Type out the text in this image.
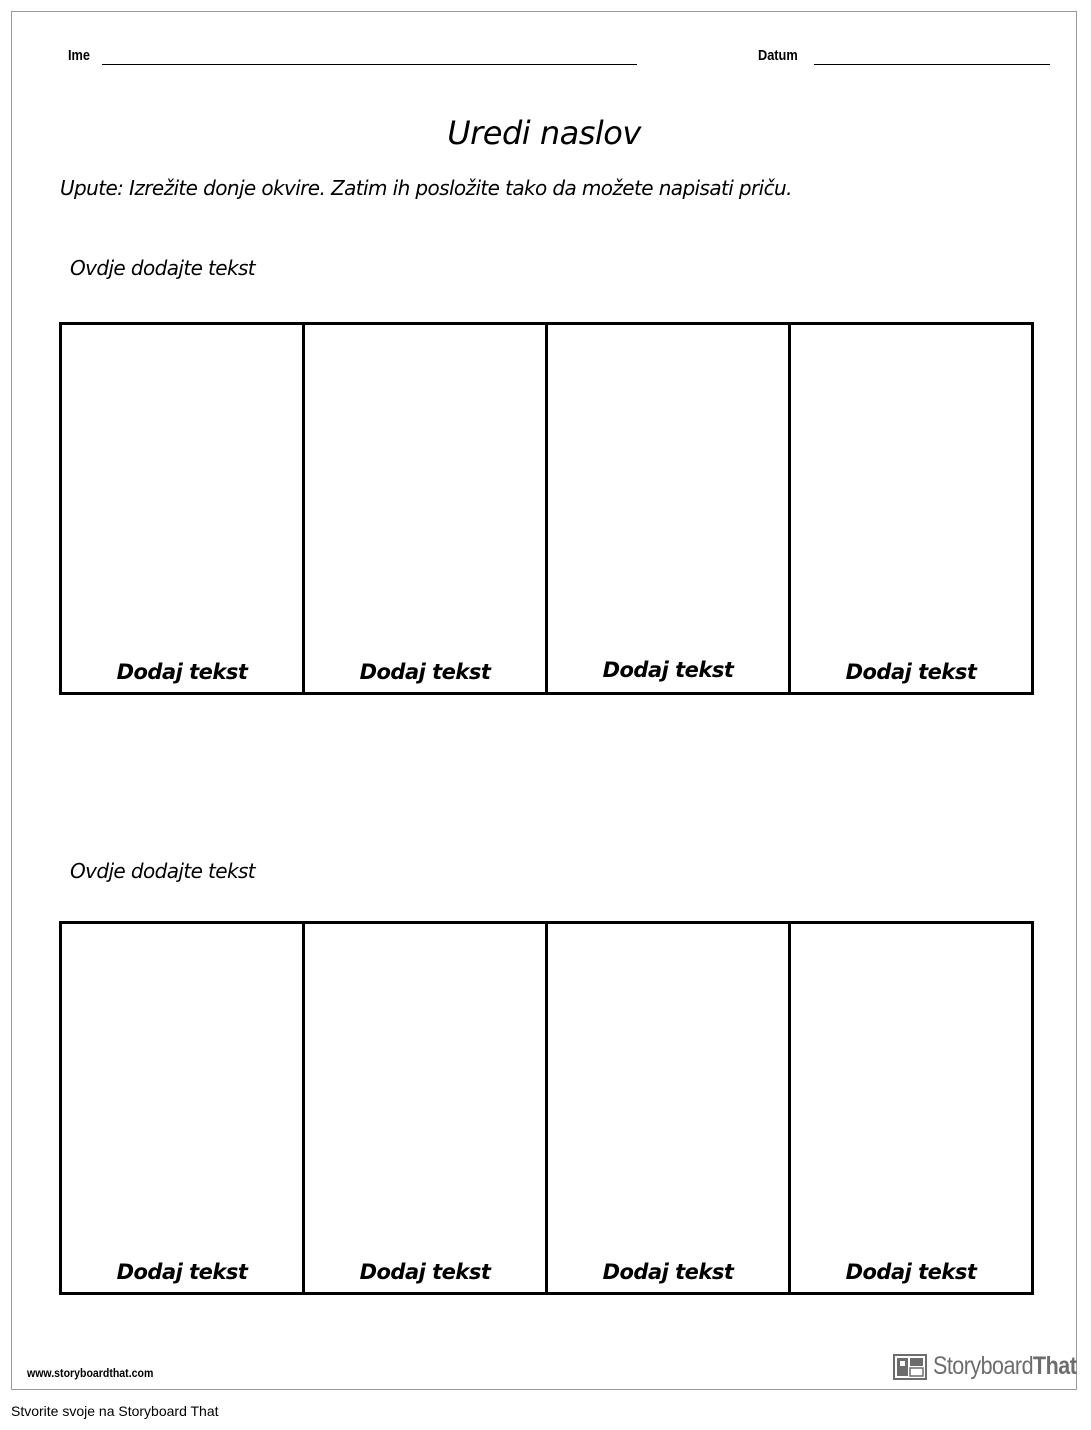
Ime	Datum
Uredi naslov
Upute: Izrežite donje okvire. Zatim ih posložite tako da možete napisati priču.
Ovdje dodajte tekst
Dodaj tekst	Dodaj tekst	Dodaj tekst	Dodaj tekst
Ovdje dodajte tekst
Dodaj tekst	Dodaj tekst	Dodaj tekst	Dodaj tekst
www.storyboardthat.com	StoryboardThat
Stvorite svoje na Storyboard That
